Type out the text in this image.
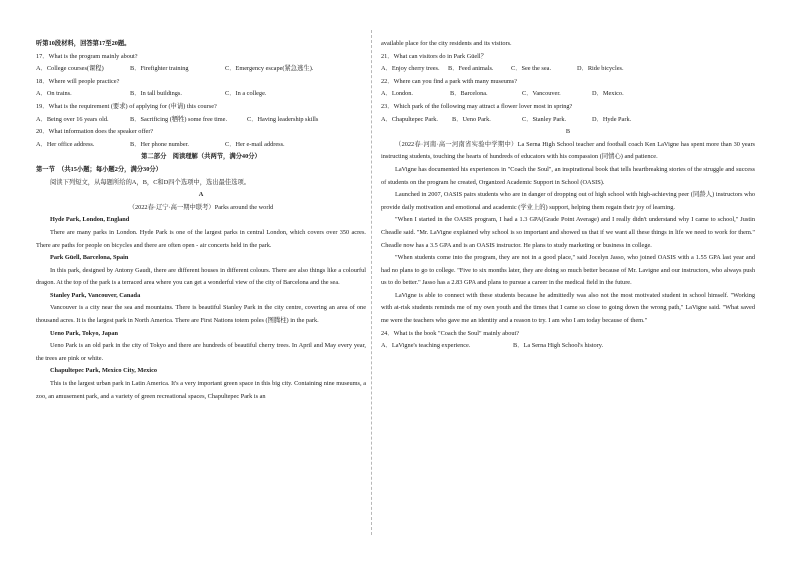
听第10段材料，回答第17至20题。
17．What is the program mainly about?
A．College courses(课程)	B．Firefighter training	C．Emergency escape(紧急逃生).
18．Where will people practice?
A．On trains.	B．In tall buildings.	C．In a college.
19．What is the requirement (要求) of applying for (申请) this course?
A．Being over 16 years old.	B．Sacrificing (牺牲) some free time.	C．Having leadership skills
20．What information does the speaker offer?
A．Her office address.	B．Her phone number.	C．Her e-mail address.
第二部分　阅读理解（共两节，满分40分）
第一节　（共15小题；每小题2分，满分30分）
阅读下列短文，从每题所给的A，B，C和D四个选项中，选出最佳选项。
A
（2022春·辽宁·高一期中联考）Parks around the world
Hyde Park, London, England

There are many parks in London. Hyde Park is one of the largest parks in central London, which covers over 350 acres. There are paths for people on bicycles and there are often open - air concerts held in the park.

Park Güell, Barcelona, Spain

In this park, designed by Antony Gaudi, there are different houses in different colours. There are also things like a colourful dragon. At the top of the park is a terraced area where you can get a wonderful view of the city of Barcelona and the sea.

Stanley Park, Vancouver, Canada

Vancouver is a city near the sea and mountains. There is beautiful Stanley Park in the city centre, covering an area of one thousand acres. It is the largest park in North America. There are First Nations totem poles (图腾柱) in the park.

Ueno Park, Tokyo, Japan

Ueno Park is an old park in the city of Tokyo and there are hundreds of beautiful cherry trees. In April and May every year, the trees are pink or white.

Chapultepec Park, Mexico City, Mexico

This is the largest urban park in Latin America. It's a very important green space in this big city. Containing nine museums, a zoo, an amusement park, and a variety of green recreational spaces, Chapultepec Park is an

available place for the city residents and its visitors.
21．What can visitors do in Park Güell？
A．Enjoy cherry trees.	B．Feed animals.	C．See the sea.	D．Ride bicycles.
22．Where can you find a park with many museums?
A．London.	B．Barcelona.	C．Vancouver.	D．Mexico.
23．Which park of the following may attract a flower lover most in spring?
A．Chapultepec Park.	B．Ueno Park.	C．Stanley Park.	D．Hyde Park.
B

（2022春·河南·高一河南省实验中学期中）La Serna High School teacher and football coach Ken LaVigne has spent more than 30 years instructing students, touching the hearts of hundreds of educators with his compassion (同情心) and patience.

LaVigne has documented his experiences in "Coach the Soul", an inspirational book that tells heartbreaking stories of the struggle and success of students on the program he created, Organized Academic Support in School (OASIS).

Launched in 2007, OASIS pairs students who are in danger of dropping out of high school with high-achieving peer (同龄人) instructors who provide daily motivation and emotional and academic (学业上的) support, helping them regain their joy of learning.

"When I started in the OASIS program, I had a 1.3 GPA(Grade Point Average) and I really didn't understand why I came to school," Justin Cheadle said. "Mr. LaVigne explained why school is so important and showed us that if we want all these things in life we need to work for them." Cheadle now has a 3.5 GPA and is an OASIS instructor. He plans to study marketing or business in college.

"When students come into the program, they are not in a good place," said Jocelyn Jasso, who joined OASIS with a 1.55 GPA last year and had no plans to go to college. "Five to six months later, they are doing so much better because of Mr. Lavigne and our instructors, who always push us to do better." Jasso has a 2.83 GPA and plans to pursue a career in the medical field in the future.

LaVigne is able to connect with these students because he admittedly was also not the most motivated student in school himself. "Working with at-risk students reminds me of my own youth and the times that I came so close to going down the wrong path," LaVigne said. "What saved me were the teachers who gave me an identity and a reason to try. I am who I am today because of them."

24．What is the book "Coach the Soul" mainly about?
A．LaVigne's teaching experience.	B．La Serna High School's history.
